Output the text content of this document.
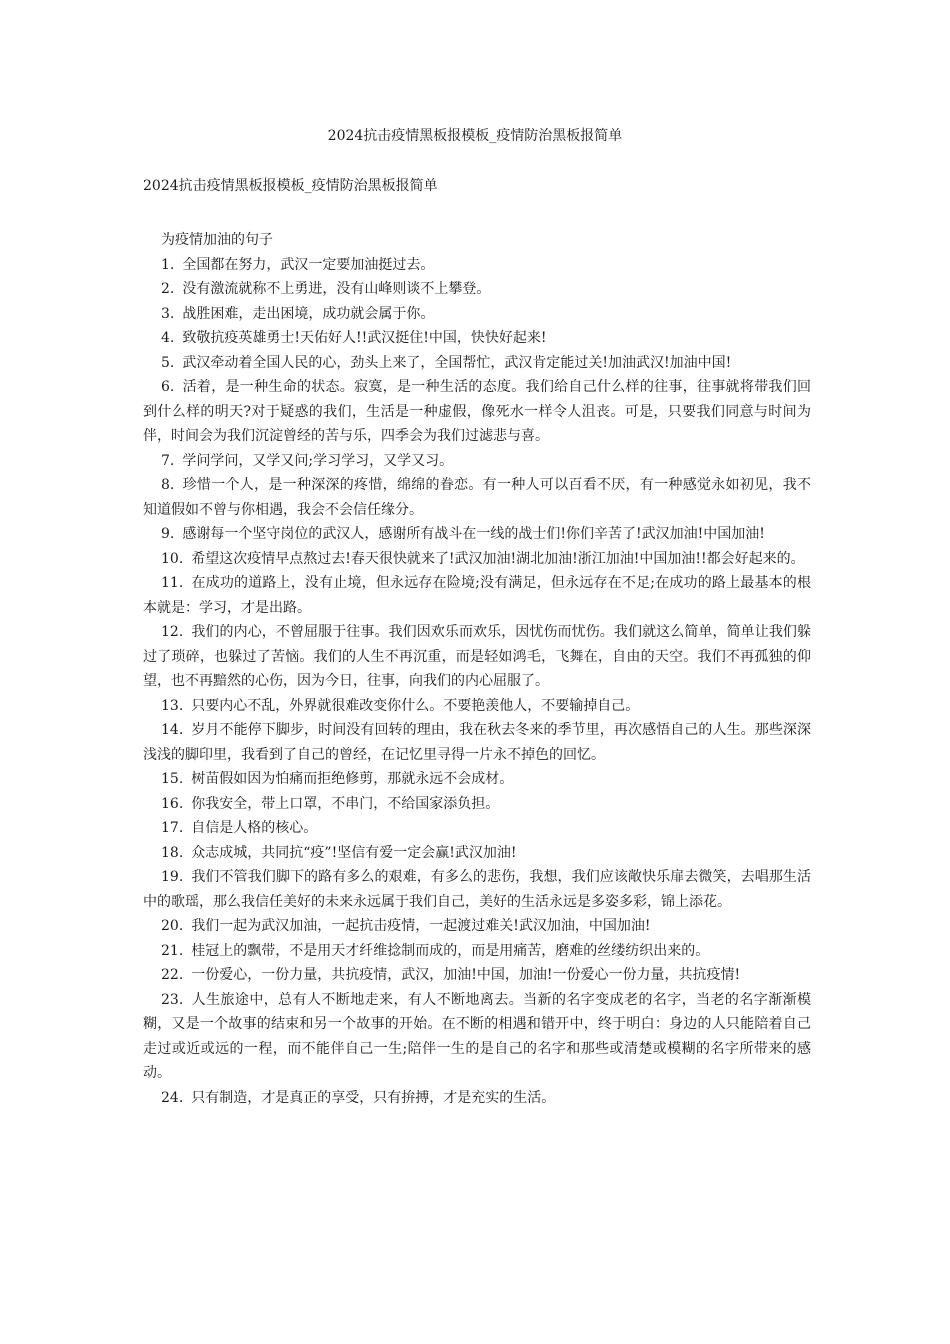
2024抗击疫情黑板报模板_疫情防治黑板报简单
2024抗击疫情黑板报模板_疫情防治黑板报简单
为疫情加油的句子
1. 全国都在努力，武汉一定要加油挺过去。
2. 没有激流就称不上勇进，没有山峰则谈不上攀登。
3. 战胜困难，走出困境，成功就会属于你。
4. 致敬抗疫英雄勇士!天佑好人!!武汉挺住!中国，快快好起来!
5. 武汉牵动着全国人民的心，劲头上来了，全国帮忙，武汉肯定能过关!加油武汉!加油中国!
6. 活着，是一种生命的状态。寂寞，是一种生活的态度。我们给自己什么样的往事，往事就将带我们回到什么样的明天?对于疑惑的我们，生活是一种虚假，像死水一样令人沮丧。可是，只要我们同意与时间为伴，时间会为我们沉淀曾经的苦与乐，四季会为我们过滤悲与喜。
7. 学问学问，又学又问;学习学习，又学又习。
8. 珍惜一个人，是一种深深的疼惜，绵绵的眷恋。有一种人可以百看不厌，有一种感觉永如初见，我不知道假如不曾与你相遇，我会不会信任缘分。
9. 感谢每一个坚守岗位的武汉人，感谢所有战斗在一线的战士们!你们辛苦了!武汉加油!中国加油!
10. 希望这次疫情早点熬过去!春天很快就来了!武汉加油!湖北加油!浙江加油!中国加油!!都会好起来的。
11. 在成功的道路上，没有止境，但永远存在险境;没有满足，但永远存在不足;在成功的路上最基本的根本就是：学习，才是出路。
12. 我们的内心，不曾屈服于往事。我们因欢乐而欢乐，因忧伤而忧伤。我们就这么简单，简单让我们躲过了琐碎，也躲过了苦恼。我们的人生不再沉重，而是轻如鸿毛，飞舞在，自由的天空。我们不再孤独的仰望，也不再黯然的心伤，因为今日，往事，向我们的内心屈服了。
13. 只要内心不乱，外界就很难改变你什么。不要艳羡他人，不要输掉自己。
14. 岁月不能停下脚步，时间没有回转的理由，我在秋去冬来的季节里，再次感悟自己的人生。那些深深浅浅的脚印里，我看到了自己的曾经，在记忆里寻得一片永不掉色的回忆。
15. 树苗假如因为怕痛而拒绝修剪，那就永远不会成材。
16. 你我安全，带上口罩，不串门，不给国家添负担。
17. 自信是人格的核心。
18. 众志成城，共同抗“疫”!坚信有爱一定会赢!武汉加油!
19. 我们不管我们脚下的路有多么的艰难，有多么的悲伤，我想，我们应该敞快乐扉去微笑，去唱那生活中的歌瑶，那么我信任美好的未来永远属于我们自己，美好的生活永远是多姿多彩，锦上添花。
20. 我们一起为武汉加油，一起抗击疫情，一起渡过难关!武汉加油，中国加油!
21. 桂冠上的飘带，不是用天才纤维捻制而成的，而是用痛苦，磨难的丝缕纺织出来的。
22. 一份爱心，一份力量，共抗疫情，武汉，加油!中国，加油!一份爱心一份力量，共抗疫情!
23. 人生旅途中，总有人不断地走来，有人不断地离去。当新的名字变成老的名字，当老的名字渐渐模糊，又是一个故事的结束和另一个故事的开始。在不断的相遇和错开中，终于明白：身边的人只能陪着自己走过或近或远的一程，而不能伴自己一生;陪伴一生的是自己的名字和那些或清楚或模糊的名字所带来的感动。
24. 只有制造，才是真正的享受，只有拚搏，才是充实的生活。
